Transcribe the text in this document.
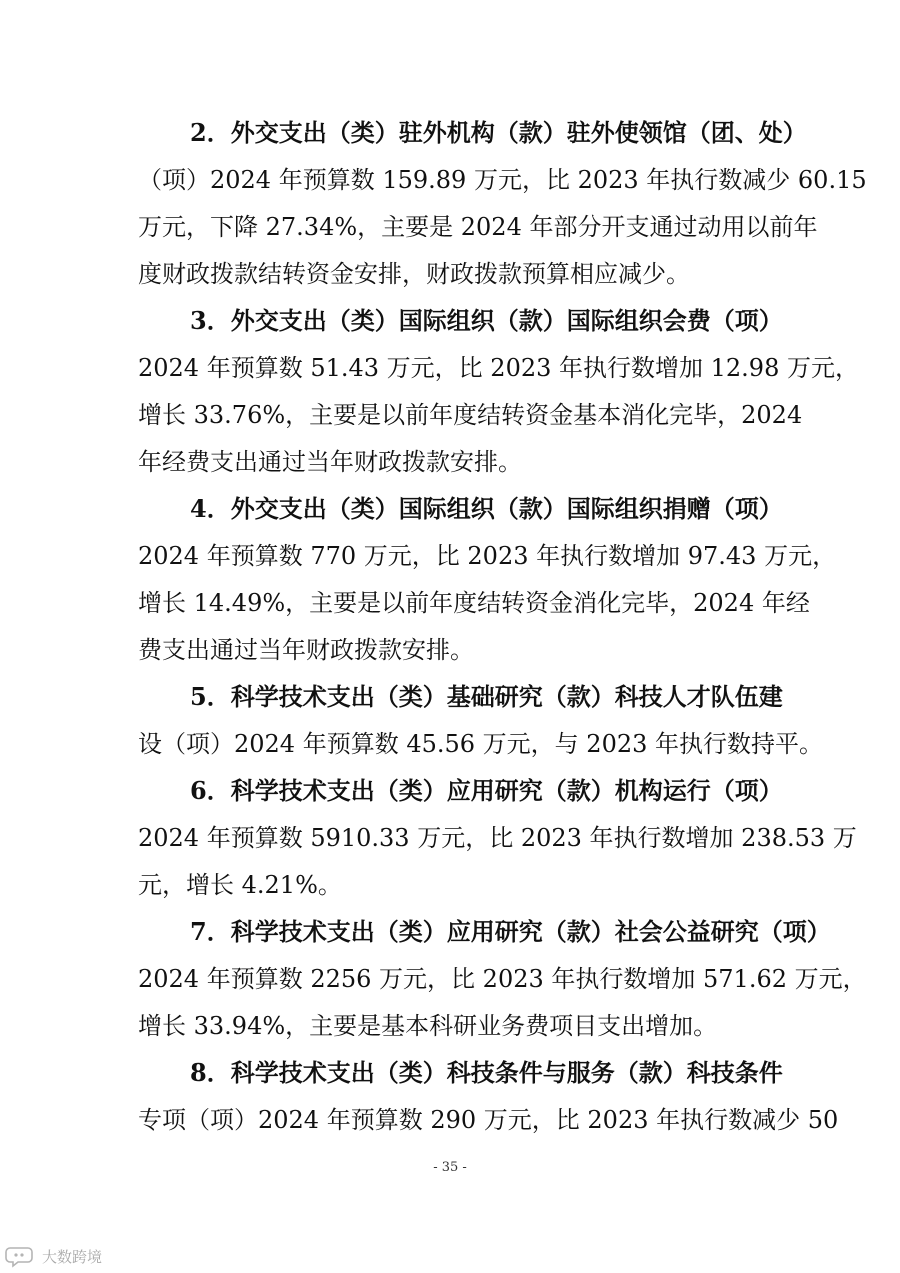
2．外交支出（类）驻外机构（款）驻外使领馆（团、处）
（项）2024 年预算数 159.89 万元，比 2023 年执行数减少 60.15
万元，下降 27.34%，主要是 2024 年部分开支通过动用以前年
度财政拨款结转资金安排，财政拨款预算相应减少。
3．外交支出（类）国际组织（款）国际组织会费（项）
2024 年预算数 51.43 万元，比 2023 年执行数增加 12.98 万元，
增长 33.76%，主要是以前年度结转资金基本消化完毕，2024
年经费支出通过当年财政拨款安排。
4．外交支出（类）国际组织（款）国际组织捐赠（项）
2024 年预算数 770 万元，比 2023 年执行数增加 97.43 万元，
增长 14.49%，主要是以前年度结转资金消化完毕，2024 年经
费支出通过当年财政拨款安排。
5．科学技术支出（类）基础研究（款）科技人才队伍建
设（项）2024 年预算数 45.56 万元，与 2023 年执行数持平。
6．科学技术支出（类）应用研究（款）机构运行（项）
2024 年预算数 5910.33 万元，比 2023 年执行数增加 238.53 万
元，增长 4.21%。
7．科学技术支出（类）应用研究（款）社会公益研究（项）
2024 年预算数 2256 万元，比 2023 年执行数增加 571.62 万元，
增长 33.94%，主要是基本科研业务费项目支出增加。
8．科学技术支出（类）科技条件与服务（款）科技条件
专项（项）2024 年预算数 290 万元，比 2023 年执行数减少 50
- 35 -
大数跨境
